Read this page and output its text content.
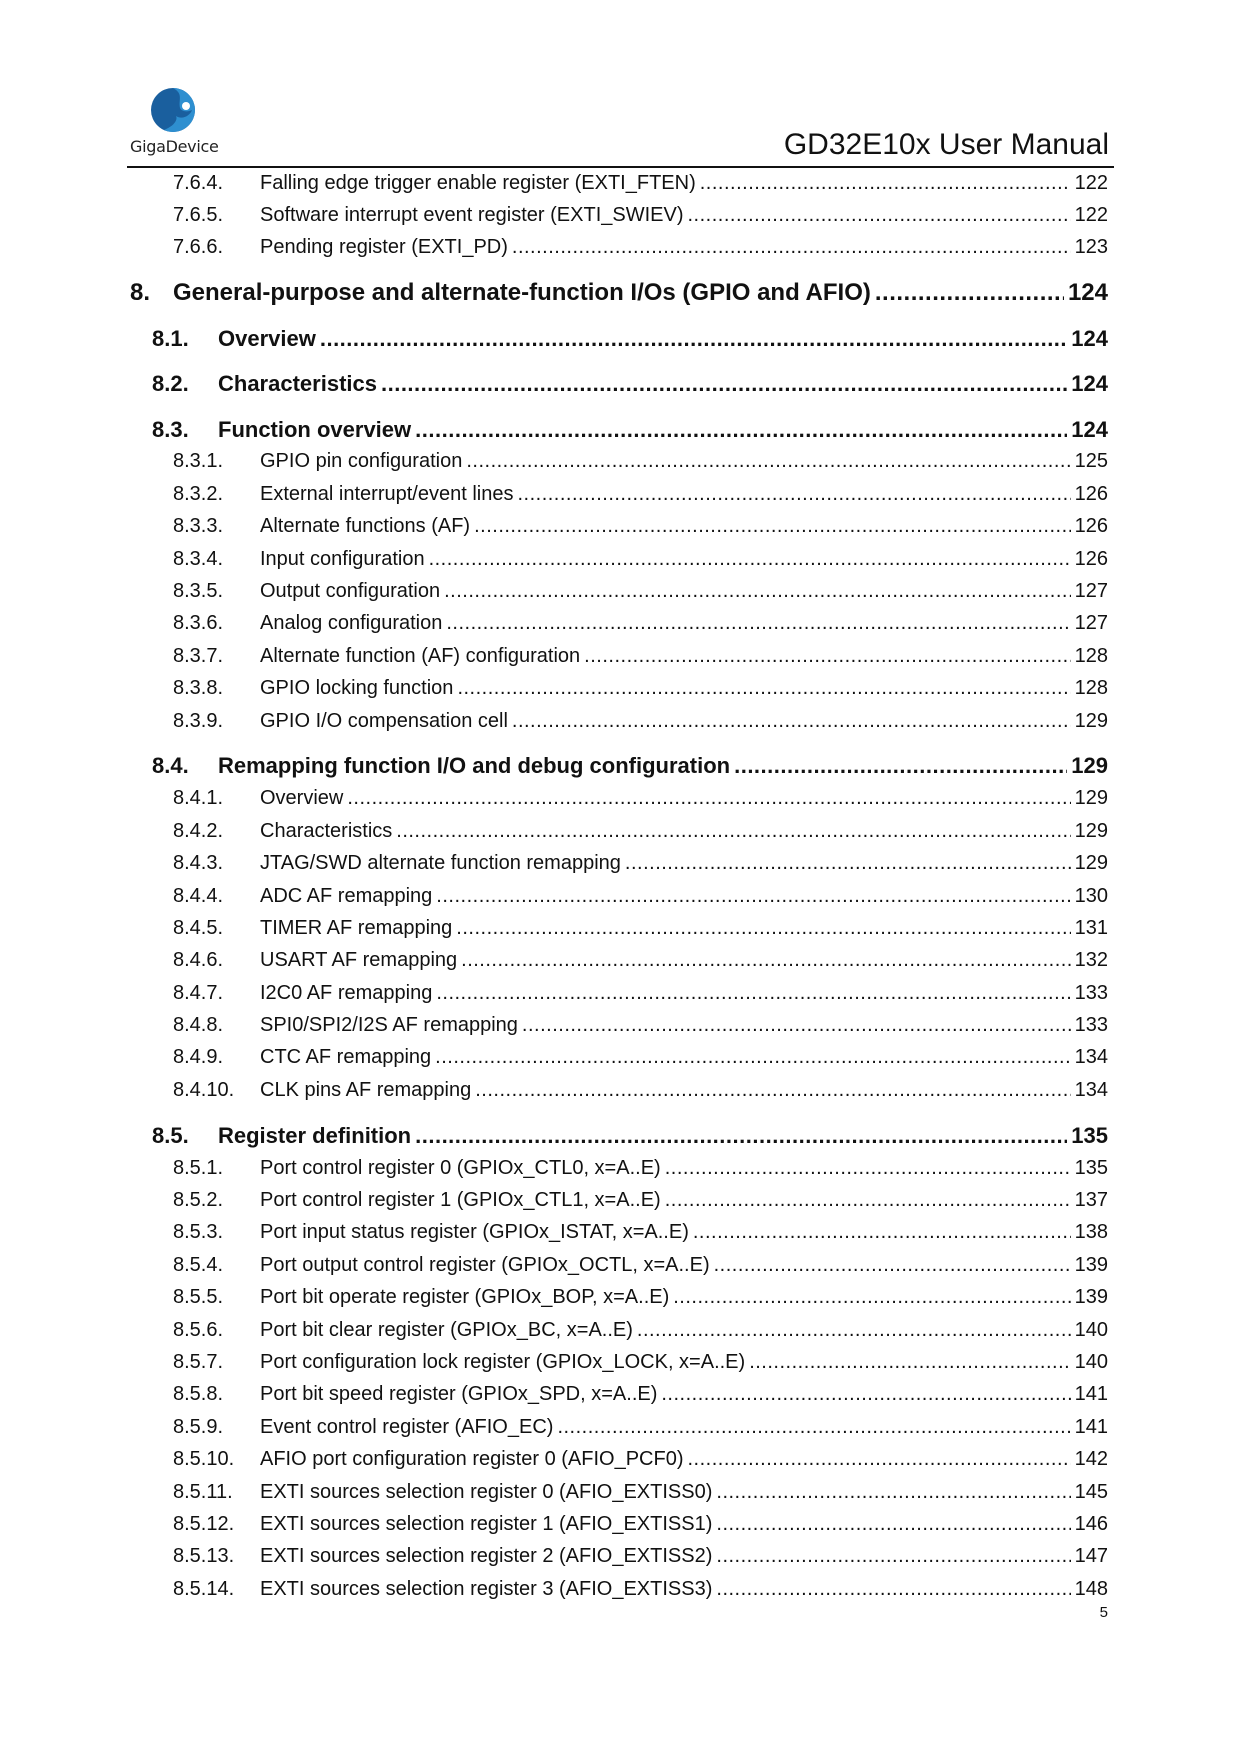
GigaDevice	GD32E10x User Manual
7.6.4.	Falling edge trigger enable register (EXTI_FTEN) .....	122
7.6.5.	Software interrupt event register (EXTI_SWIEV) .....	122
7.6.6.	Pending register (EXTI_PD) .....	123
8. General-purpose and alternate-function I/Os (GPIO and AFIO) .....	124
8.1.	Overview .....	124
8.2.	Characteristics .....	124
8.3.	Function overview .....	124
8.3.1.	GPIO pin configuration .....	125
8.3.2.	External interrupt/event lines .....	126
8.3.3.	Alternate functions (AF) .....	126
8.3.4.	Input configuration .....	126
8.3.5.	Output configuration .....	127
8.3.6.	Analog configuration .....	127
8.3.7.	Alternate function (AF) configuration .....	128
8.3.8.	GPIO locking function .....	128
8.3.9.	GPIO I/O compensation cell .....	129
8.4.	Remapping function I/O and debug configuration .....	129
8.4.1.	Overview .....	129
8.4.2.	Characteristics .....	129
8.4.3.	JTAG/SWD alternate function remapping .....	129
8.4.4.	ADC AF remapping .....	130
8.4.5.	TIMER AF remapping .....	131
8.4.6.	USART AF remapping .....	132
8.4.7.	I2C0 AF remapping .....	133
8.4.8.	SPI0/SPI2/I2S AF remapping .....	133
8.4.9.	CTC AF remapping .....	134
8.4.10.	CLK pins AF remapping .....	134
8.5.	Register definition .....	135
8.5.1.	Port control register 0 (GPIOx_CTL0, x=A..E) .....	135
8.5.2.	Port control register 1 (GPIOx_CTL1, x=A..E) .....	137
8.5.3.	Port input status register (GPIOx_ISTAT, x=A..E) .....	138
8.5.4.	Port output control register (GPIOx_OCTL, x=A..E) .....	139
8.5.5.	Port bit operate register (GPIOx_BOP, x=A..E) .....	139
8.5.6.	Port bit clear register (GPIOx_BC, x=A..E) .....	140
8.5.7.	Port configuration lock register (GPIOx_LOCK, x=A..E) .....	140
8.5.8.	Port bit speed register (GPIOx_SPD, x=A..E) .....	141
8.5.9.	Event control register (AFIO_EC) .....	141
8.5.10.	AFIO port configuration register 0 (AFIO_PCF0) .....	142
8.5.11.	EXTI sources selection register 0 (AFIO_EXTISS0) .....	145
8.5.12.	EXTI sources selection register 1 (AFIO_EXTISS1) .....	146
8.5.13.	EXTI sources selection register 2 (AFIO_EXTISS2) .....	147
8.5.14.	EXTI sources selection register 3 (AFIO_EXTISS3) .....	148
5
